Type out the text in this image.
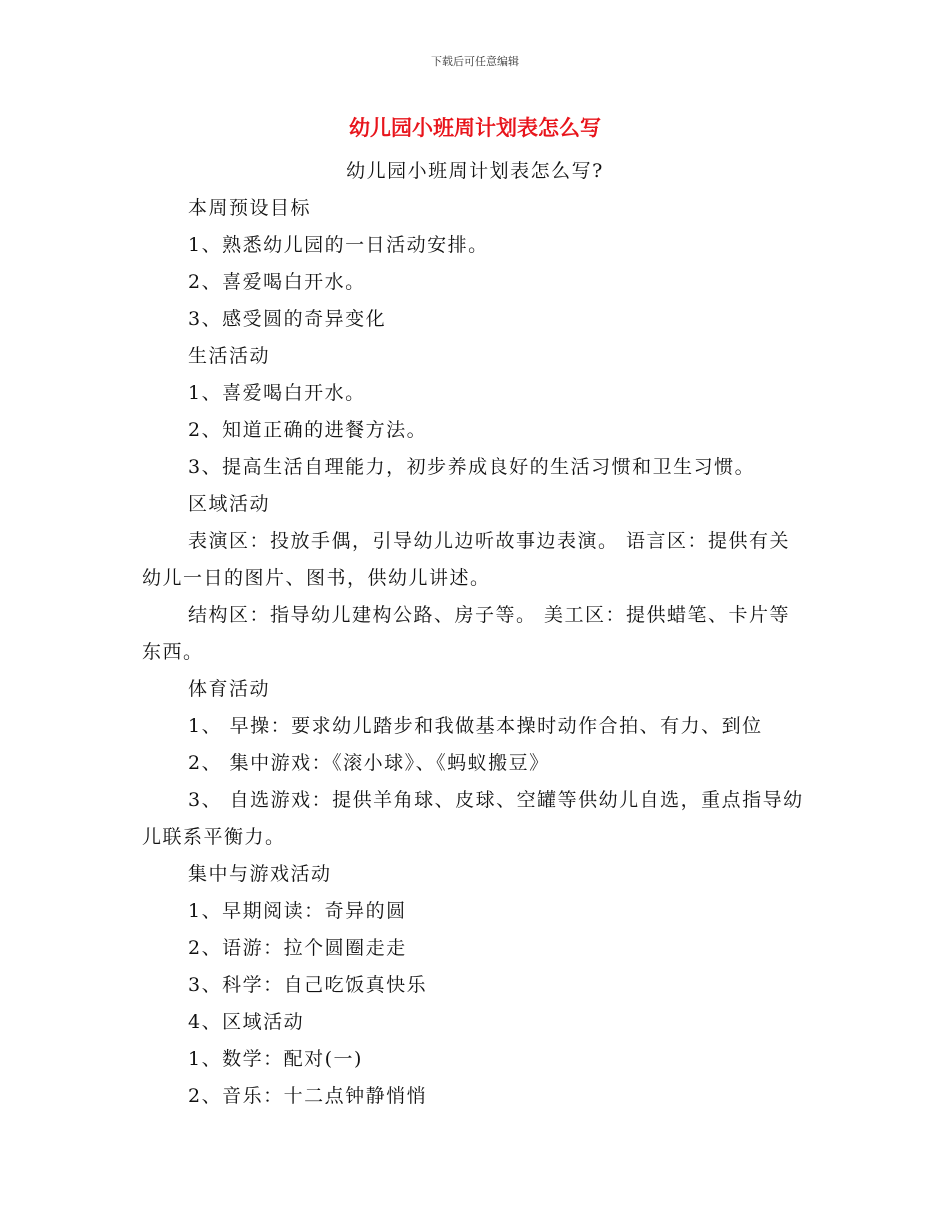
下载后可任意编辑
幼儿园小班周计划表怎么写

幼儿园小班周计划表怎么写?

本周预设目标

1、熟悉幼儿园的一日活动安排。

2、喜爱喝白开水。

3、感受圆的奇异变化

生活活动

1、喜爱喝白开水。

2、知道正确的进餐方法。

3、提高生活自理能力，初步养成良好的生活习惯和卫生习惯。

区域活动

表演区：投放手偶，引导幼儿边听故事边表演。 语言区：提供有关幼儿一日的图片、图书，供幼儿讲述。

结构区：指导幼儿建构公路、房子等。 美工区：提供蜡笔、卡片等东西。

体育活动

1、 早操：要求幼儿踏步和我做基本操时动作合拍、有力、到位

2、 集中游戏：《滚小球》、《蚂蚁搬豆》

3、 自选游戏：提供羊角球、皮球、空罐等供幼儿自选，重点指导幼儿联系平衡力。

集中与游戏活动

1、早期阅读：奇异的圆

2、语游：拉个圆圈走走

3、科学：自己吃饭真快乐

4、区域活动

1、数学：配对(一)

2、音乐：十二点钟静悄悄
